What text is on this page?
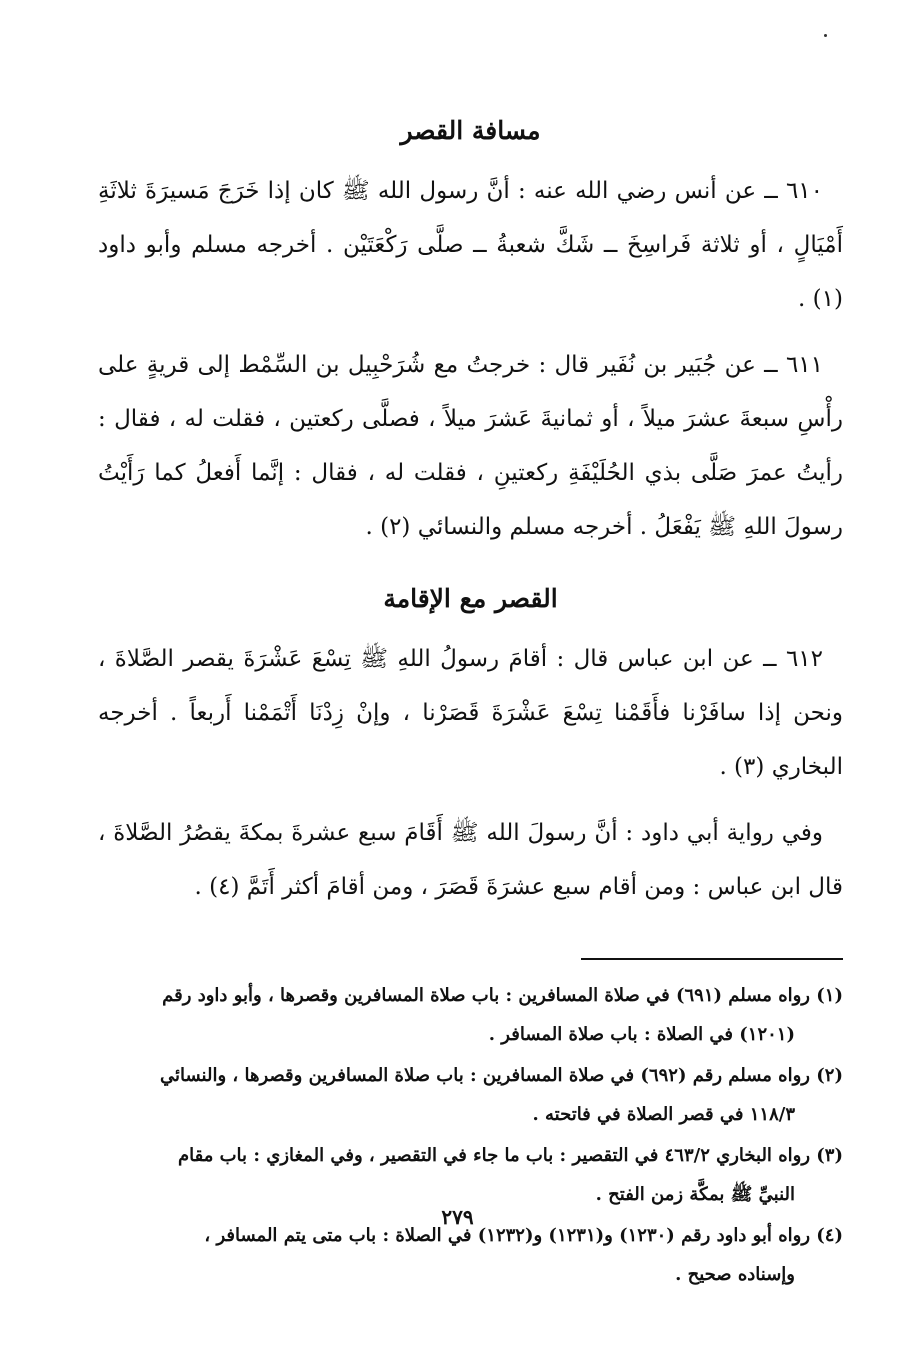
مسافة القصر

٦١٠ ــ عن أنس رضي الله عنه : أنَّ رسول الله ﷺ كان إذا خَرَجَ مَسيرَةَ ثلاثَةِ أَمْيَالٍ ، أو ثلاثة فَراسِخَ ــ شَكَّ شعبةُ ــ صلَّى رَكْعَتَيْن . أخرجه مسلم وأبو داود (١) .

٦١١ ــ عن جُبَير بن نُفَير قال : خرجتُ مع شُرَحْبِيل بن السِّمْط إلى قريةٍ على رأْسِ سبعةَ عشرَ ميلاً ، أو ثمانيةَ عَشرَ ميلاً ، فصلَّى ركعتين ، فقلت له ، فقال : رأيتُ عمرَ صَلَّى بذي الحُلَيْفَةِ ركعتينِ ، فقلت له ، فقال : إنَّما أَفعلُ كما رَأَيْتُ رسولَ اللهِ ﷺ يَفْعَلُ . أخرجه مسلم والنسائي (٢) .

القصر مع الإقامة

٦١٢ ــ عن ابن عباس قال : أقامَ رسولُ اللهِ ﷺ تِسْعَ عَشْرَةَ يقصر الصَّلاةَ ، ونحن إذا سافَرْنا فأَقَمْنا تِسْعَ عَشْرَةَ قَصَرْنا ، وإنْ زِدْنَا أَتْمَمْنا أَربعاً . أخرجه البخاري (٣) .

وفي رواية أبي داود : أنَّ رسولَ الله ﷺ أَقَامَ سبع عشرةَ بمكةَ يقصُرُ الصَّلاةَ ، قال ابن عباس : ومن أقام سبع عشرَةَ قَصَرَ ، ومن أقامَ أكثر أَتَمَّ (٤) .

(١) رواه مسلم (٦٩١) في صلاة المسافرين : باب صلاة المسافرين وقصرها ، وأبو داود رقم
(١٢٠١) في الصلاة : باب صلاة المسافر .
(٢) رواه مسلم رقم (٦٩٢) في صلاة المسافرين : باب صلاة المسافرين وقصرها ، والنسائي
١١٨/٣ في قصر الصلاة في فاتحته .
(٣) رواه البخاري ٤٦٣/٢ في التقصير : باب ما جاء في التقصير ، وفي المغازي : باب مقام
النبيِّ ﷺ بمكَّة زمن الفتح .
(٤) رواه أبو داود رقم (١٢٣٠) و(١٢٣١) و(١٢٣٢) في الصلاة : باب متى يتم المسافر ،
وإسناده صحيح .
٢٧٩
